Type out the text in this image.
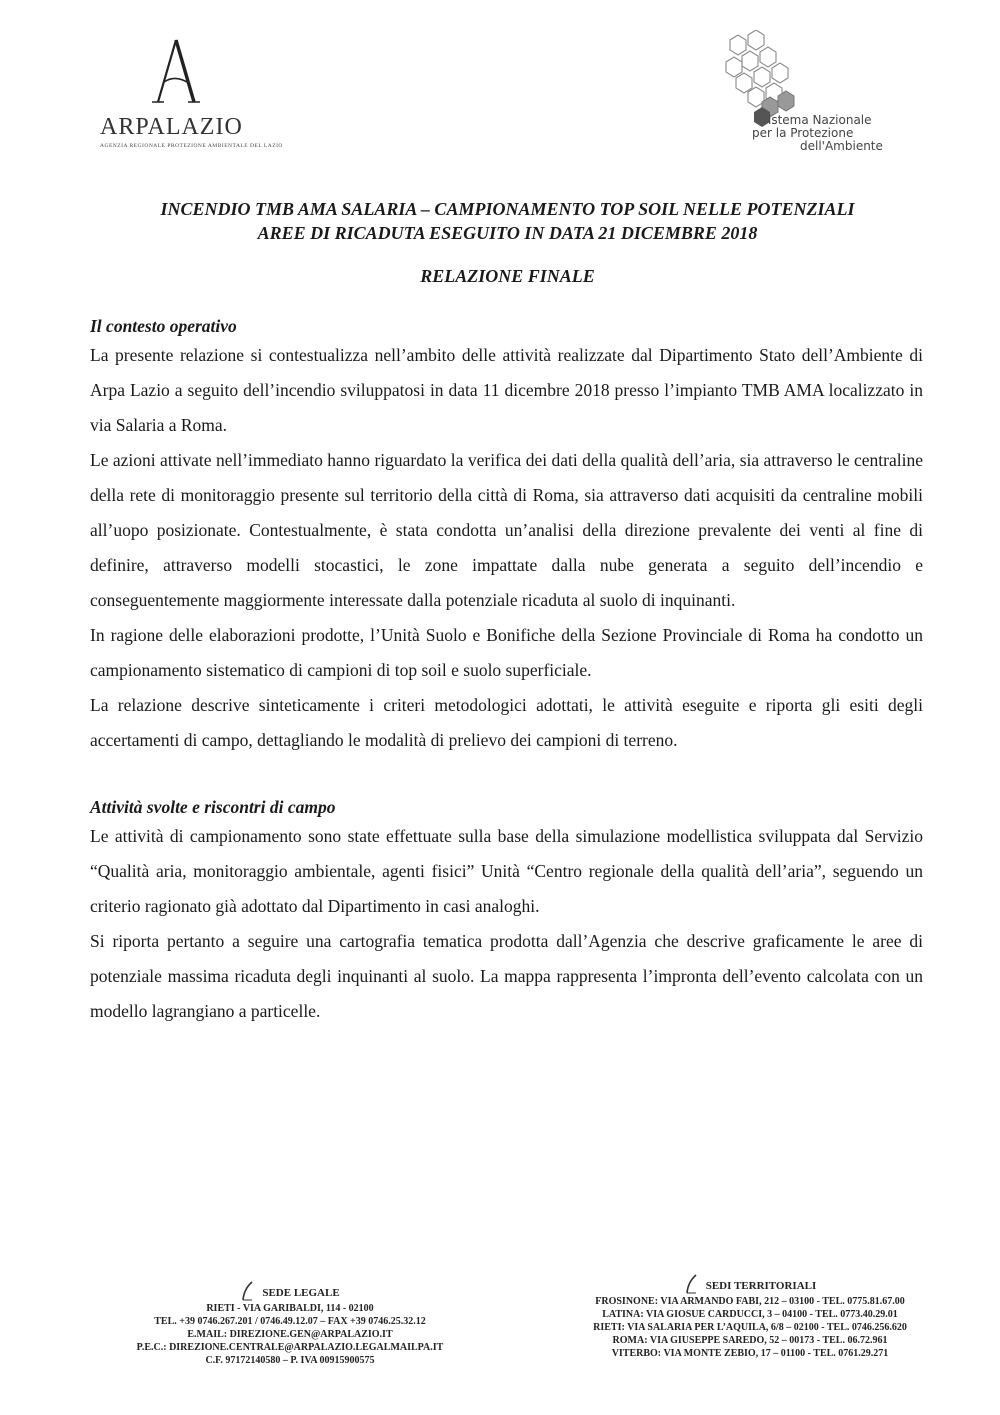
ARPALAZIO
AGENZIA REGIONALE PROTEZIONE AMBIENTALE DEL LAZIO
istema Nazionale
per la Protezione
dell'Ambiente
INCENDIO TMB AMA SALARIA – CAMPIONAMENTO TOP SOIL NELLE POTENZIALI
AREE DI RICADUTA ESEGUITO IN DATA 21 DICEMBRE 2018
RELAZIONE FINALE

Il contesto operativo

La presente relazione si contestualizza nell’ambito delle attività realizzate dal Dipartimento Stato dell’Ambiente di Arpa Lazio a seguito dell’incendio sviluppatosi in data 11 dicembre 2018 presso l’impianto TMB AMA localizzato in via Salaria a Roma.

Le azioni attivate nell’immediato hanno riguardato la verifica dei dati della qualità dell’aria, sia attraverso le centraline della rete di monitoraggio presente sul territorio della città di Roma, sia attraverso dati acquisiti da centraline mobili all’uopo posizionate. Contestualmente, è stata condotta un’analisi della direzione prevalente dei venti al fine di definire, attraverso modelli stocastici, le zone impattate dalla nube generata a seguito dell’incendio e conseguentemente maggiormente interessate dalla potenziale ricaduta al suolo di inquinanti.

In ragione delle elaborazioni prodotte, l’Unità Suolo e Bonifiche della Sezione Provinciale di Roma ha condotto un campionamento sistematico di campioni di top soil e suolo superficiale.

La relazione descrive sinteticamente i criteri metodologici adottati, le attività eseguite e riporta gli esiti degli accertamenti di campo, dettagliando le modalità di prelievo dei campioni di terreno.

Attività svolte e riscontri di campo

Le attività di campionamento sono state effettuate sulla base della simulazione modellistica sviluppata dal Servizio “Qualità aria, monitoraggio ambientale, agenti fisici” Unità “Centro regionale della qualità dell’aria”, seguendo un criterio ragionato già adottato dal Dipartimento in casi analoghi.

Si riporta pertanto a seguire una cartografia tematica prodotta dall’Agenzia che descrive graficamente le aree di potenziale massima ricaduta degli inquinanti al suolo. La mappa rappresenta l’impronta dell’evento calcolata con un modello lagrangiano a particelle.

SEDE LEGALE
RIETI - VIA GARIBALDI, 114 - 02100
TEL. +39 0746.267.201 / 0746.49.12.07 – FAX +39 0746.25.32.12
E.MAIL: DIREZIONE.GEN@ARPALAZIO.IT
P.E.C.: DIREZIONE.CENTRALE@ARPALAZIO.LEGALMAILPA.IT
C.F. 97172140580 – P. IVA 00915900575
SEDI TERRITORIALI
FROSINONE: VIA ARMANDO FABI, 212 – 03100 - TEL. 0775.81.67.00
LATINA: VIA GIOSUE CARDUCCI, 3 – 04100 - TEL. 0773.40.29.01
RIETI: VIA SALARIA PER L’AQUILA, 6/8 – 02100 - TEL. 0746.256.620
ROMA: VIA GIUSEPPE SAREDO, 52 – 00173 - TEL. 06.72.961
VITERBO: VIA MONTE ZEBIO, 17 – 01100 - TEL. 0761.29.271
